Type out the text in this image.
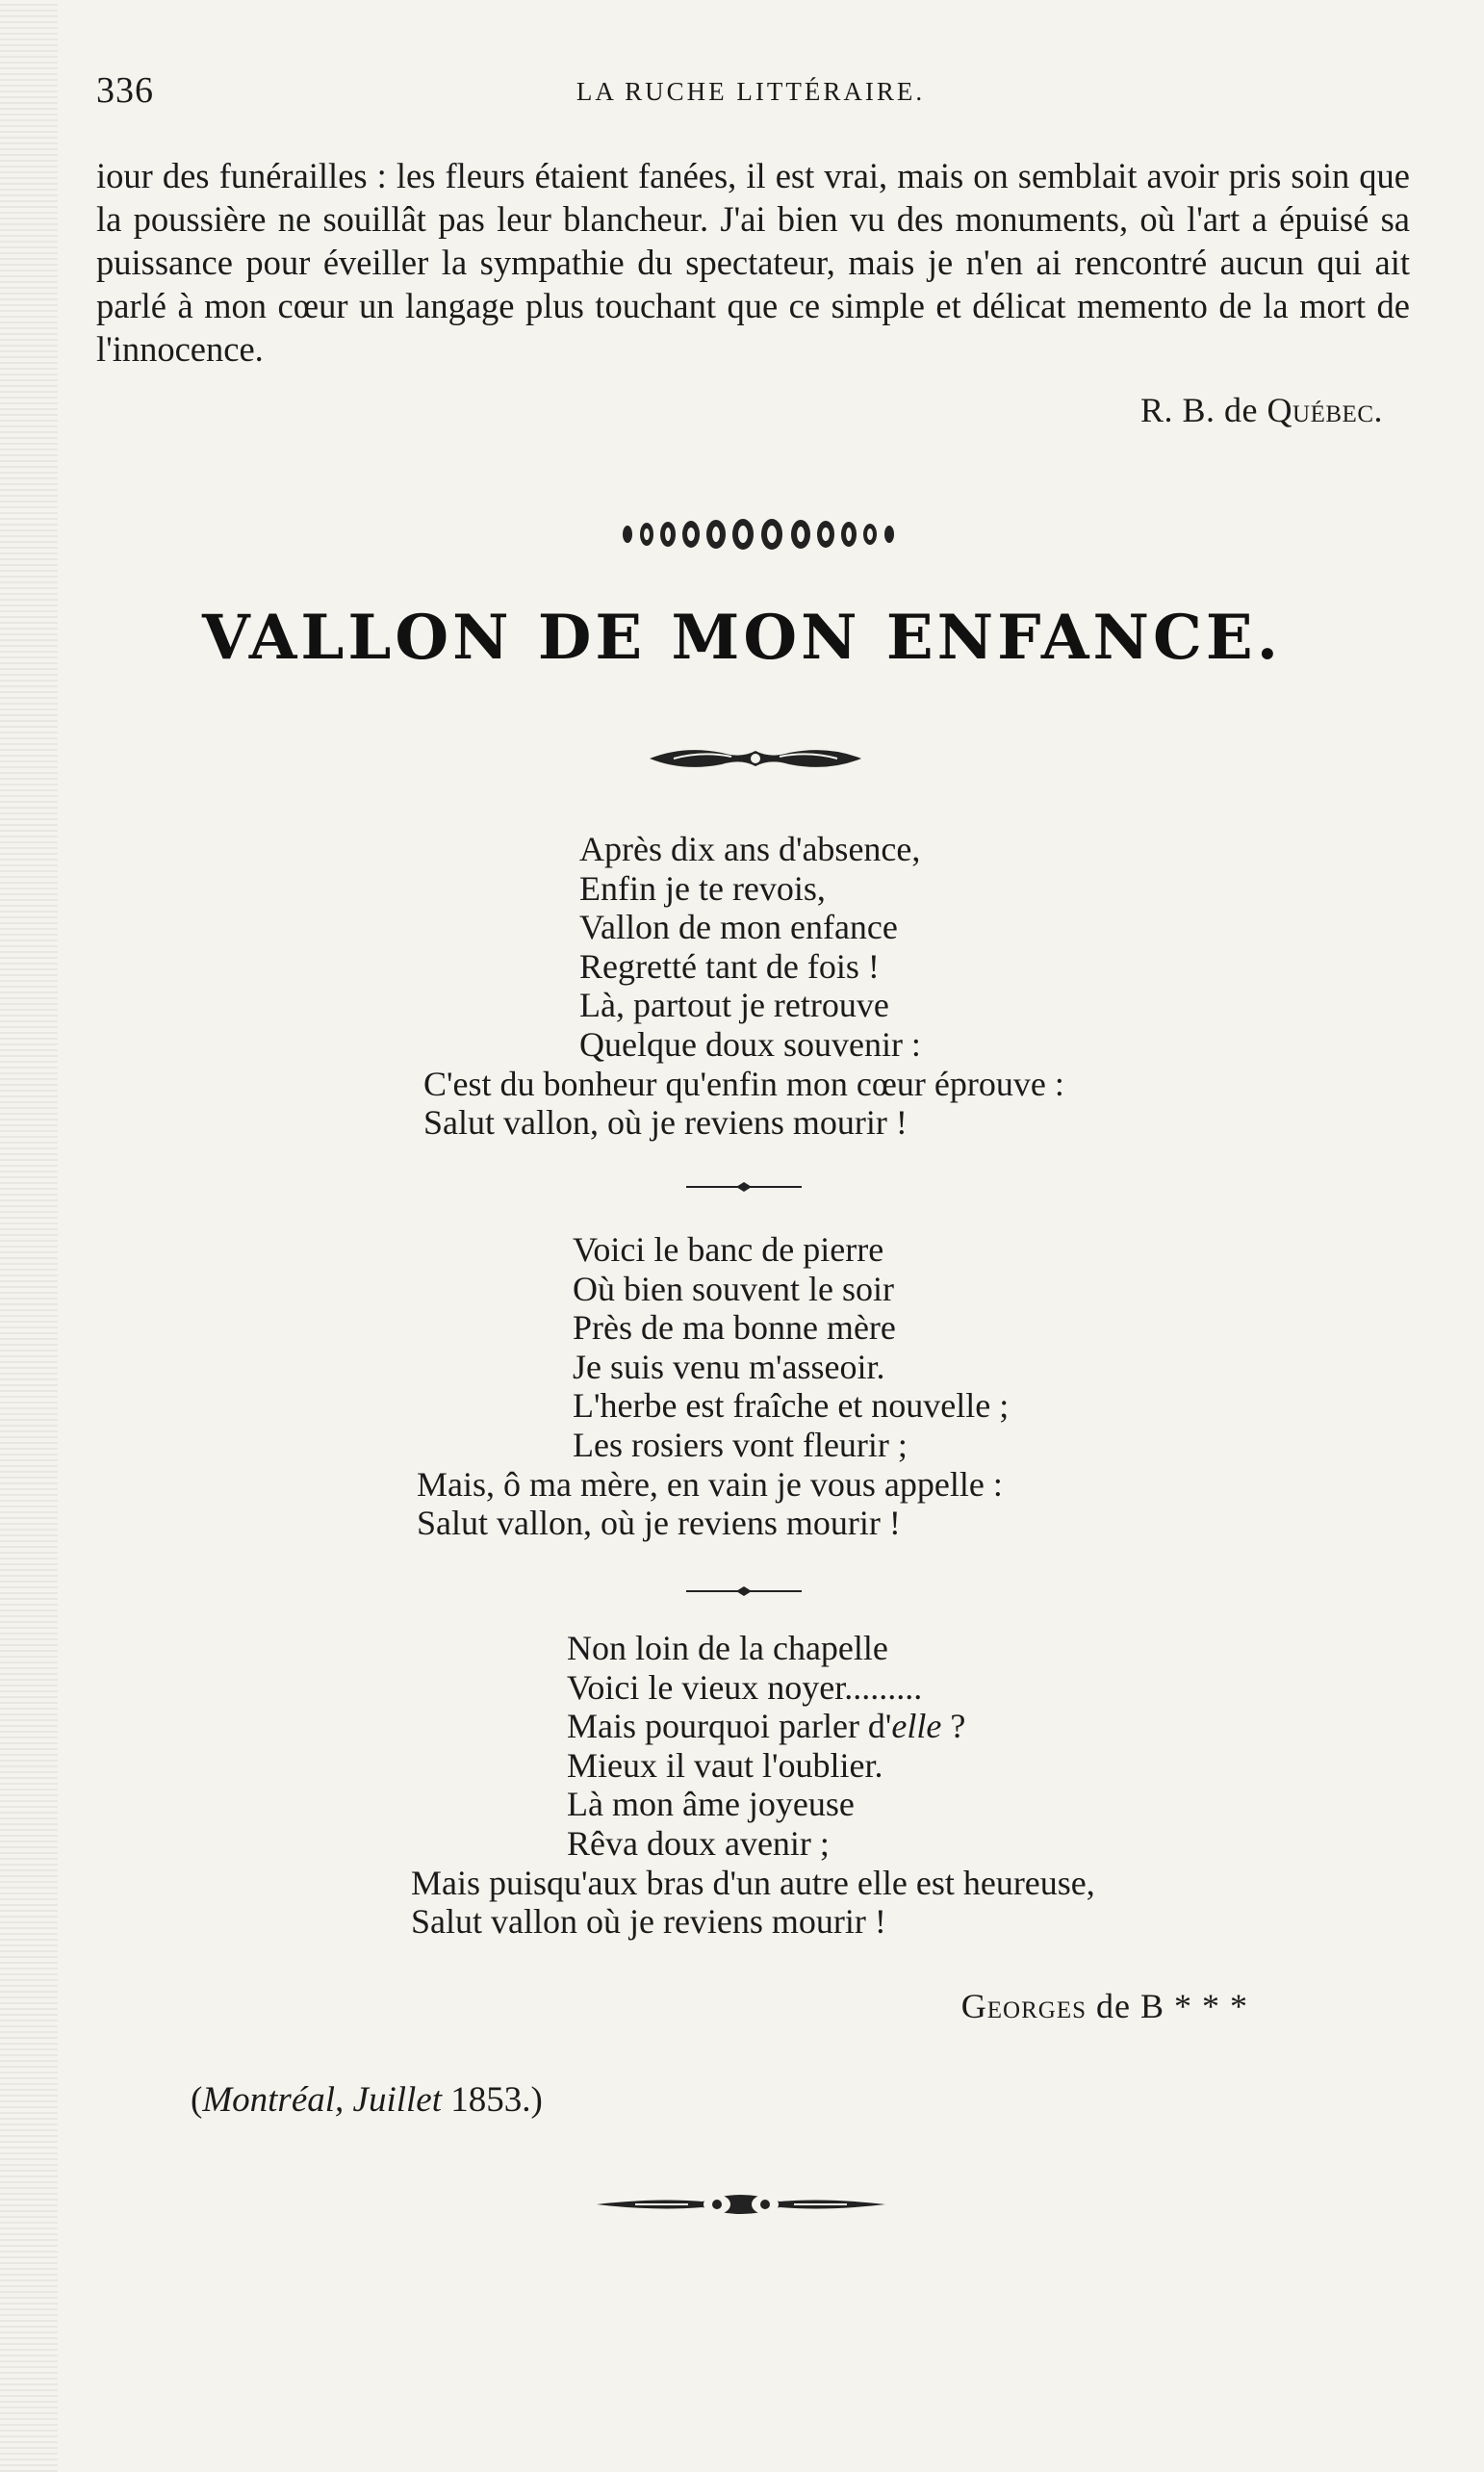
336	LA RUCHE LITTÉRAIRE.

iour des funérailles : les fleurs étaient fanées, il est vrai, mais on semblait avoir pris soin que la poussière ne souillât pas leur blancheur. J'ai bien vu des monuments, où l'art a épuisé sa puissance pour éveiller la sympathie du spectateur, mais je n'en ai rencontré aucun qui ait parlé à mon cœur un langage plus touchant que ce simple et délicat memento de la mort de l'innocence.

R. B. de Québec.
VALLON DE MON ENFANCE.
Après dix ans d'absence,
Enfin je te revois,
Vallon de mon enfance
Regretté tant de fois !
Là, partout je retrouve
Quelque doux souvenir :
C'est du bonheur qu'enfin mon cœur éprouve :
Salut vallon, où je reviens mourir !
Voici le banc de pierre
Où bien souvent le soir
Près de ma bonne mère
Je suis venu m'asseoir.
L'herbe est fraîche et nouvelle ;
Les rosiers vont fleurir ;
Mais, ô ma mère, en vain je vous appelle :
Salut vallon, où je reviens mourir !
Non loin de la chapelle
Voici le vieux noyer.........
Mais pourquoi parler d'elle ?
Mieux il vaut l'oublier.
Là mon âme joyeuse
Rêva doux avenir ;
Mais puisqu'aux bras d'un autre elle est heureuse,
Salut vallon où je reviens mourir !
Georges de B * * *
(Montréal, Juillet 1853.)
